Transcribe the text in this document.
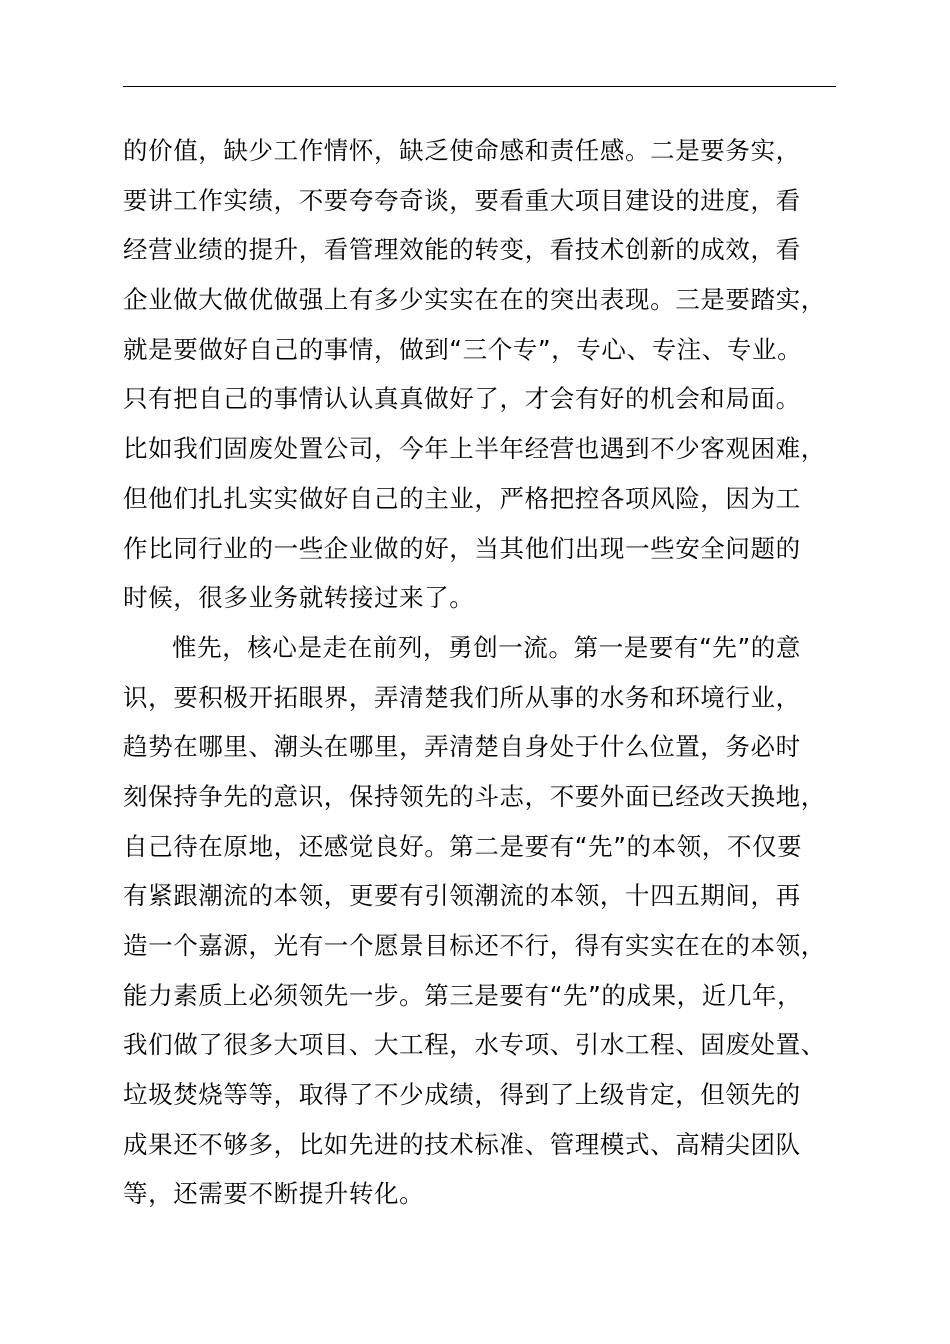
的价值，缺少工作情怀，缺乏使命感和责任感。二是要务实，
要讲工作实绩，不要夸夸奇谈，要看重大项目建设的进度，看
经营业绩的提升，看管理效能的转变，看技术创新的成效，看
企业做大做优做强上有多少实实在在的突出表现。三是要踏实，
就是要做好自己的事情，做到“三个专”，专心、专注、专业。
只有把自己的事情认认真真做好了，才会有好的机会和局面。
比如我们固废处置公司，今年上半年经营也遇到不少客观困难，
但他们扎扎实实做好自己的主业，严格把控各项风险，因为工
作比同行业的一些企业做的好，当其他们出现一些安全问题的
时候，很多业务就转接过来了。
惟先，核心是走在前列，勇创一流。第一是要有“先”的意
识，要积极开拓眼界，弄清楚我们所从事的水务和环境行业，
趋势在哪里、潮头在哪里，弄清楚自身处于什么位置，务必时
刻保持争先的意识，保持领先的斗志，不要外面已经改天换地，
自己待在原地，还感觉良好。第二是要有“先”的本领，不仅要
有紧跟潮流的本领，更要有引领潮流的本领，十四五期间，再
造一个嘉源，光有一个愿景目标还不行，得有实实在在的本领，
能力素质上必须领先一步。第三是要有“先”的成果，近几年，
我们做了很多大项目、大工程，水专项、引水工程、固废处置、
垃圾焚烧等等，取得了不少成绩，得到了上级肯定，但领先的
成果还不够多，比如先进的技术标准、管理模式、高精尖团队
等，还需要不断提升转化。
